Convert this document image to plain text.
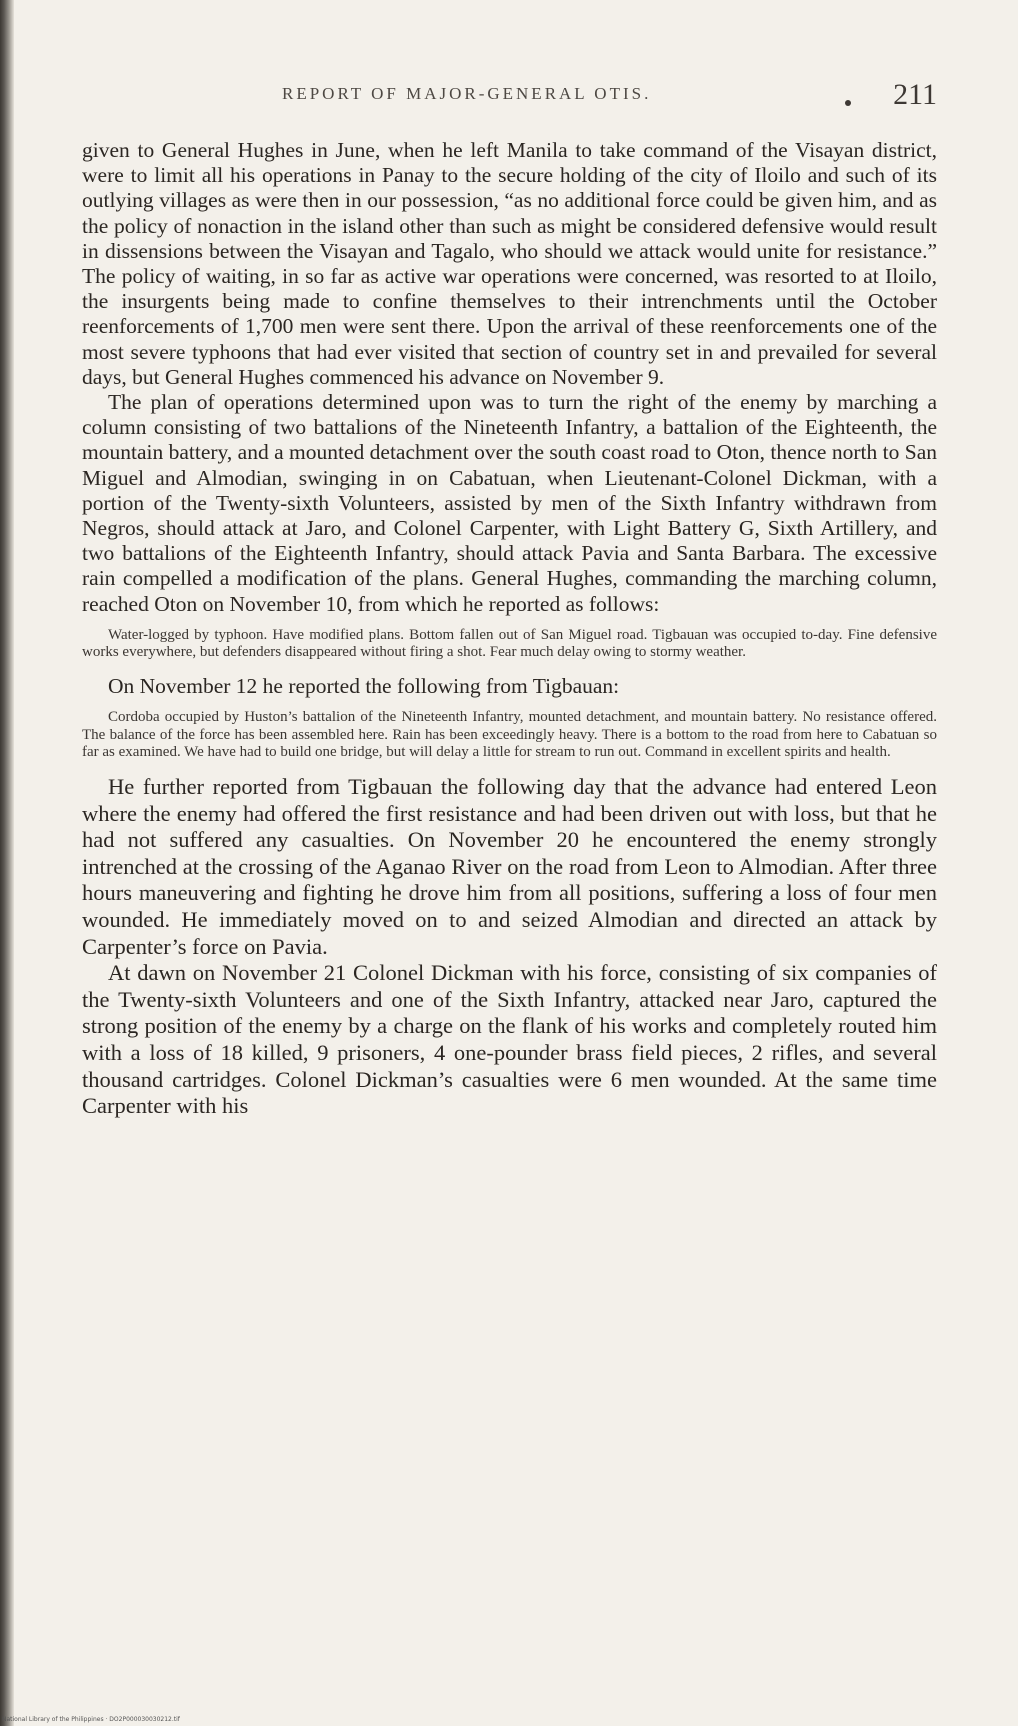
REPORT OF MAJOR-GENERAL OTIS.	211

given to General Hughes in June, when he left Manila to take command of the Visayan district, were to limit all his operations in Panay to the secure holding of the city of Iloilo and such of its outlying villages as were then in our possession, “as no additional force could be given him, and as the policy of nonaction in the island other than such as might be considered defensive would result in dissensions between the Visayan and Tagalo, who should we attack would unite for resistance.” The policy of waiting, in so far as active war operations were concerned, was resorted to at Iloilo, the insurgents being made to confine themselves to their intrenchments until the October reenforcements of 1,700 men were sent there. Upon the arrival of these reenforcements one of the most severe typhoons that had ever visited that section of country set in and prevailed for several days, but General Hughes commenced his advance on November 9.

The plan of operations determined upon was to turn the right of the enemy by marching a column consisting of two battalions of the Nineteenth Infantry, a battalion of the Eighteenth, the mountain battery, and a mounted detachment over the south coast road to Oton, thence north to San Miguel and Almodian, swinging in on Cabatuan, when Lieutenant-Colonel Dickman, with a portion of the Twenty-sixth Volunteers, assisted by men of the Sixth Infantry withdrawn from Negros, should attack at Jaro, and Colonel Carpenter, with Light Battery G, Sixth Artillery, and two battalions of the Eighteenth Infantry, should attack Pavia and Santa Barbara. The excessive rain compelled a modification of the plans. General Hughes, commanding the marching column, reached Oton on November 10, from which he reported as follows:

Water-logged by typhoon. Have modified plans. Bottom fallen out of San Miguel road. Tigbauan was occupied to-day. Fine defensive works everywhere, but defenders disappeared without firing a shot. Fear much delay owing to stormy weather.

On November 12 he reported the following from Tigbauan:

Cordoba occupied by Huston’s battalion of the Nineteenth Infantry, mounted detachment, and mountain battery. No resistance offered. The balance of the force has been assembled here. Rain has been exceedingly heavy. There is a bottom to the road from here to Cabatuan so far as examined. We have had to build one bridge, but will delay a little for stream to run out. Command in excellent spirits and health.

He further reported from Tigbauan the following day that the advance had entered Leon where the enemy had offered the first resistance and had been driven out with loss, but that he had not suffered any casualties. On November 20 he encountered the enemy strongly intrenched at the crossing of the Aganao River on the road from Leon to Almodian. After three hours maneuvering and fighting he drove him from all positions, suffering a loss of four men wounded. He immediately moved on to and seized Almodian and directed an attack by Carpenter’s force on Pavia.

At dawn on November 21 Colonel Dickman with his force, consisting of six companies of the Twenty-sixth Volunteers and one of the Sixth Infantry, attacked near Jaro, captured the strong position of the enemy by a charge on the flank of his works and completely routed him with a loss of 18 killed, 9 prisoners, 4 one-pounder brass field pieces, 2 rifles, and several thousand cartridges. Colonel Dickman’s casualties were 6 men wounded. At the same time Carpenter with his

National Library of the Philippines · DO2P000030030212.tif
